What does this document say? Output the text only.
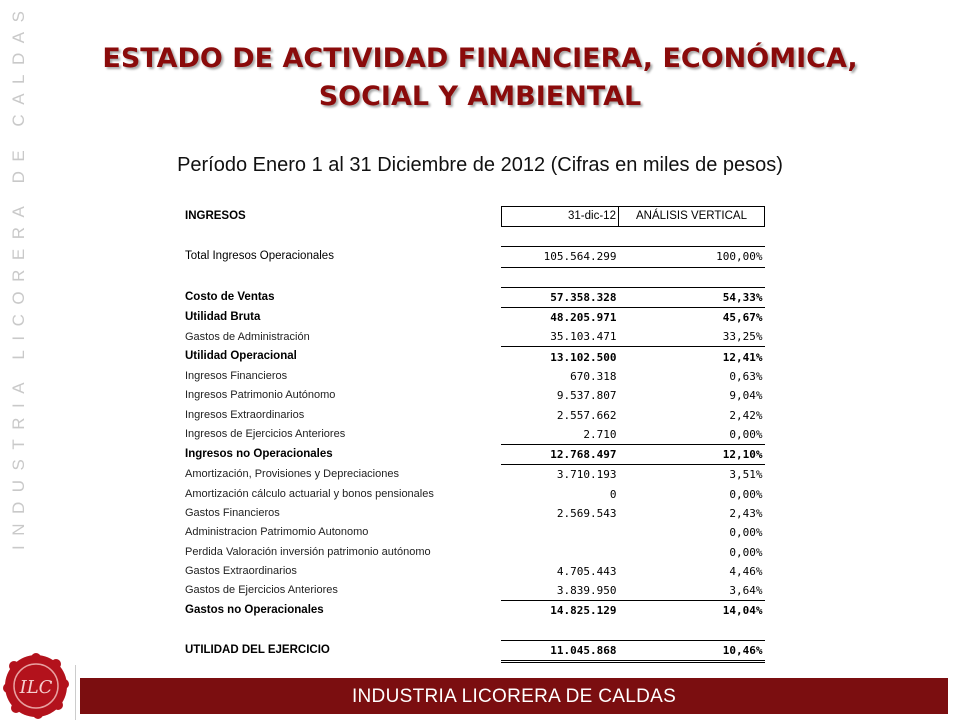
INDUSTRIA LICORERA DE CALDAS	ESTADO DE ACTIVIDAD FINANCIERA, ECONÓMICA, SOCIAL Y AMBIENTAL
Período Enero 1 al 31 Diciembre de 2012 (Cifras en miles de pesos)
INGRESOS	31-dic-12	ANÁLISIS VERTICAL

Total Ingresos Operacionales	105.564.299	100,00%

Costo de Ventas	57.358.328	54,33%
Utilidad Bruta	48.205.971	45,67%
Gastos de Administración	35.103.471	33,25%
Utilidad Operacional	13.102.500	12,41%
Ingresos Financieros	670.318	0,63%
Ingresos Patrimonio Autónomo	9.537.807	9,04%
Ingresos Extraordinarios	2.557.662	2,42%
Ingresos de Ejercicios Anteriores	2.710	0,00%
Ingresos no Operacionales	12.768.497	12,10%
Amortización, Provisiones y Depreciaciones	3.710.193	3,51%
Amortización cálculo actuarial y bonos pensionales	0	0,00%
Gastos Financieros	2.569.543	2,43%
Administracion Patrimomio Autonomo		0,00%
Perdida Valoración inversión patrimonio autónomo		0,00%
Gastos Extraordinarios	4.705.443	4,46%
Gastos de Ejercicios Anteriores	3.839.950	3,64%
Gastos no Operacionales	14.825.129	14,04%

UTILIDAD DEL EJERCICIO	11.045.868	10,46%
ILC	INDUSTRIA LICORERA DE CALDAS
